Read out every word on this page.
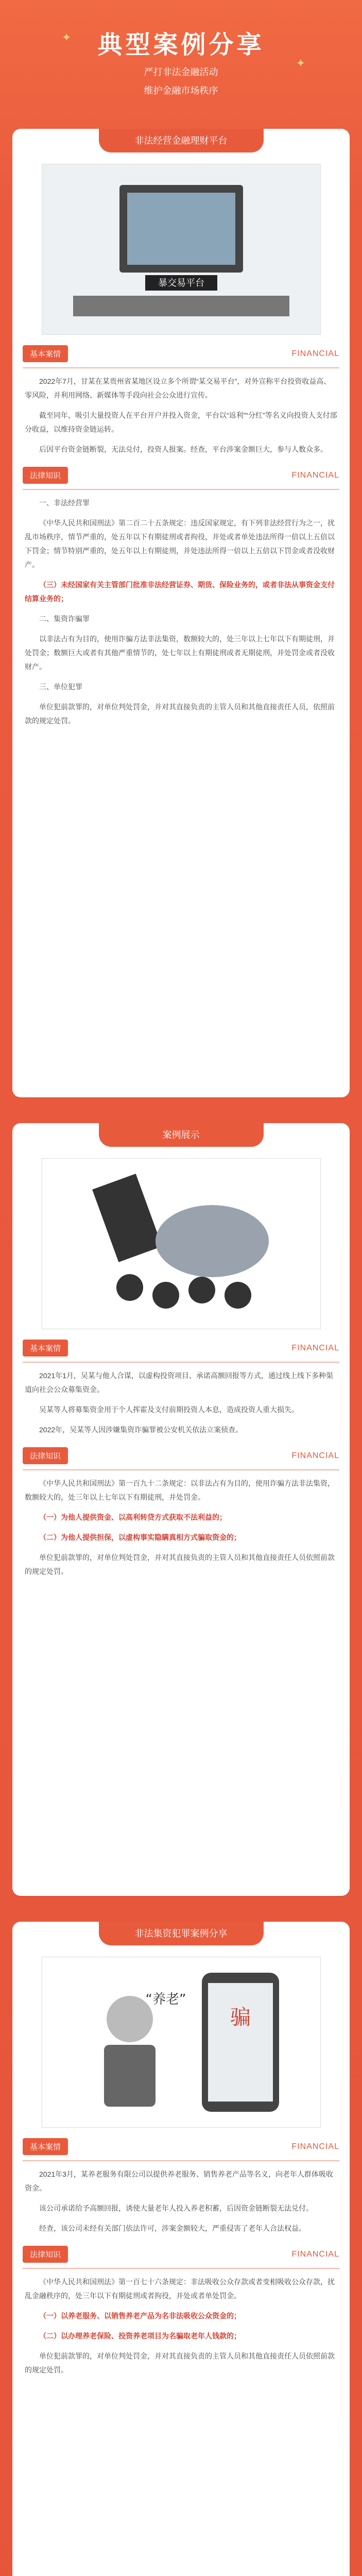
✦
✦
典型案例分享
严打非法金融活动
维护金融市场秩序
非法经营金融理财平台
暴交易平台
基本案情	FINANCIAL

2022年7月，甘某在某贵州省某地区设立多个所谓“某交易平台”，对外宣称平台投资收益高、零风险，并利用网络、新媒体等手段向社会公众进行宣传。

截至同年，吸引大量投资人在平台开户并投入资金，平台以“返利”“分红”等名义向投资人支付部分收益，以维持资金链运转。

后因平台资金链断裂，无法兑付，投资人报案。经查，平台涉案金额巨大，参与人数众多。

法律知识	FINANCIAL

一、非法经营罪

《中华人民共和国刑法》第二百二十五条规定：违反国家规定，有下列非法经营行为之一，扰乱市场秩序，情节严重的，处五年以下有期徒刑或者拘役，并处或者单处违法所得一倍以上五倍以下罚金；情节特别严重的，处五年以上有期徒刑，并处违法所得一倍以上五倍以下罚金或者没收财产。

（三）未经国家有关主管部门批准非法经营证券、期货、保险业务的，或者非法从事资金支付结算业务的；

二、集资诈骗罪

以非法占有为目的，使用诈骗方法非法集资，数额较大的，处三年以上七年以下有期徒刑，并处罚金；数额巨大或者有其他严重情节的，处七年以上有期徒刑或者无期徒刑，并处罚金或者没收财产。

三、单位犯罪

单位犯前款罪的，对单位判处罚金，并对其直接负责的主管人员和其他直接责任人员，依照前款的规定处罚。

案例展示
基本案情	FINANCIAL

2021年1月，吴某与他人合谋，以虚构投资项目、承诺高额回报等方式，通过线上线下多种渠道向社会公众募集资金。

吴某等人将募集资金用于个人挥霍及支付前期投资人本息，造成投资人重大损失。

2022年，吴某等人因涉嫌集资诈骗罪被公安机关依法立案侦查。

法律知识	FINANCIAL

《中华人民共和国刑法》第一百九十二条规定：以非法占有为目的，使用诈骗方法非法集资，数额较大的，处三年以上七年以下有期徒刑，并处罚金。

（一）为他人提供资金、以高利转贷方式获取不法利益的；

（二）为他人提供担保，以虚构事实隐瞒真相方式骗取资金的；

单位犯前款罪的，对单位判处罚金，并对其直接负责的主管人员和其他直接责任人员依照前款的规定处罚。

非法集资犯罪案例分享
骗
“养老”
基本案情	FINANCIAL

2021年3月，某养老服务有限公司以提供养老服务、销售养老产品等名义，向老年人群体吸收资金。

该公司承诺给予高额回报，诱使大量老年人投入养老积蓄，后因资金链断裂无法兑付。

经查，该公司未经有关部门依法许可，涉案金额较大，严重侵害了老年人合法权益。

法律知识	FINANCIAL

《中华人民共和国刑法》第一百七十六条规定：非法吸收公众存款或者变相吸收公众存款，扰乱金融秩序的，处三年以下有期徒刑或者拘役，并处或者单处罚金。

（一）以养老服务、以销售养老产品为名非法吸收公众资金的；

（二）以办理养老保险、投资养老项目为名骗取老年人钱款的；

单位犯前款罪的，对单位判处罚金，并对其直接负责的主管人员和其他直接责任人员依照前款的规定处罚。
